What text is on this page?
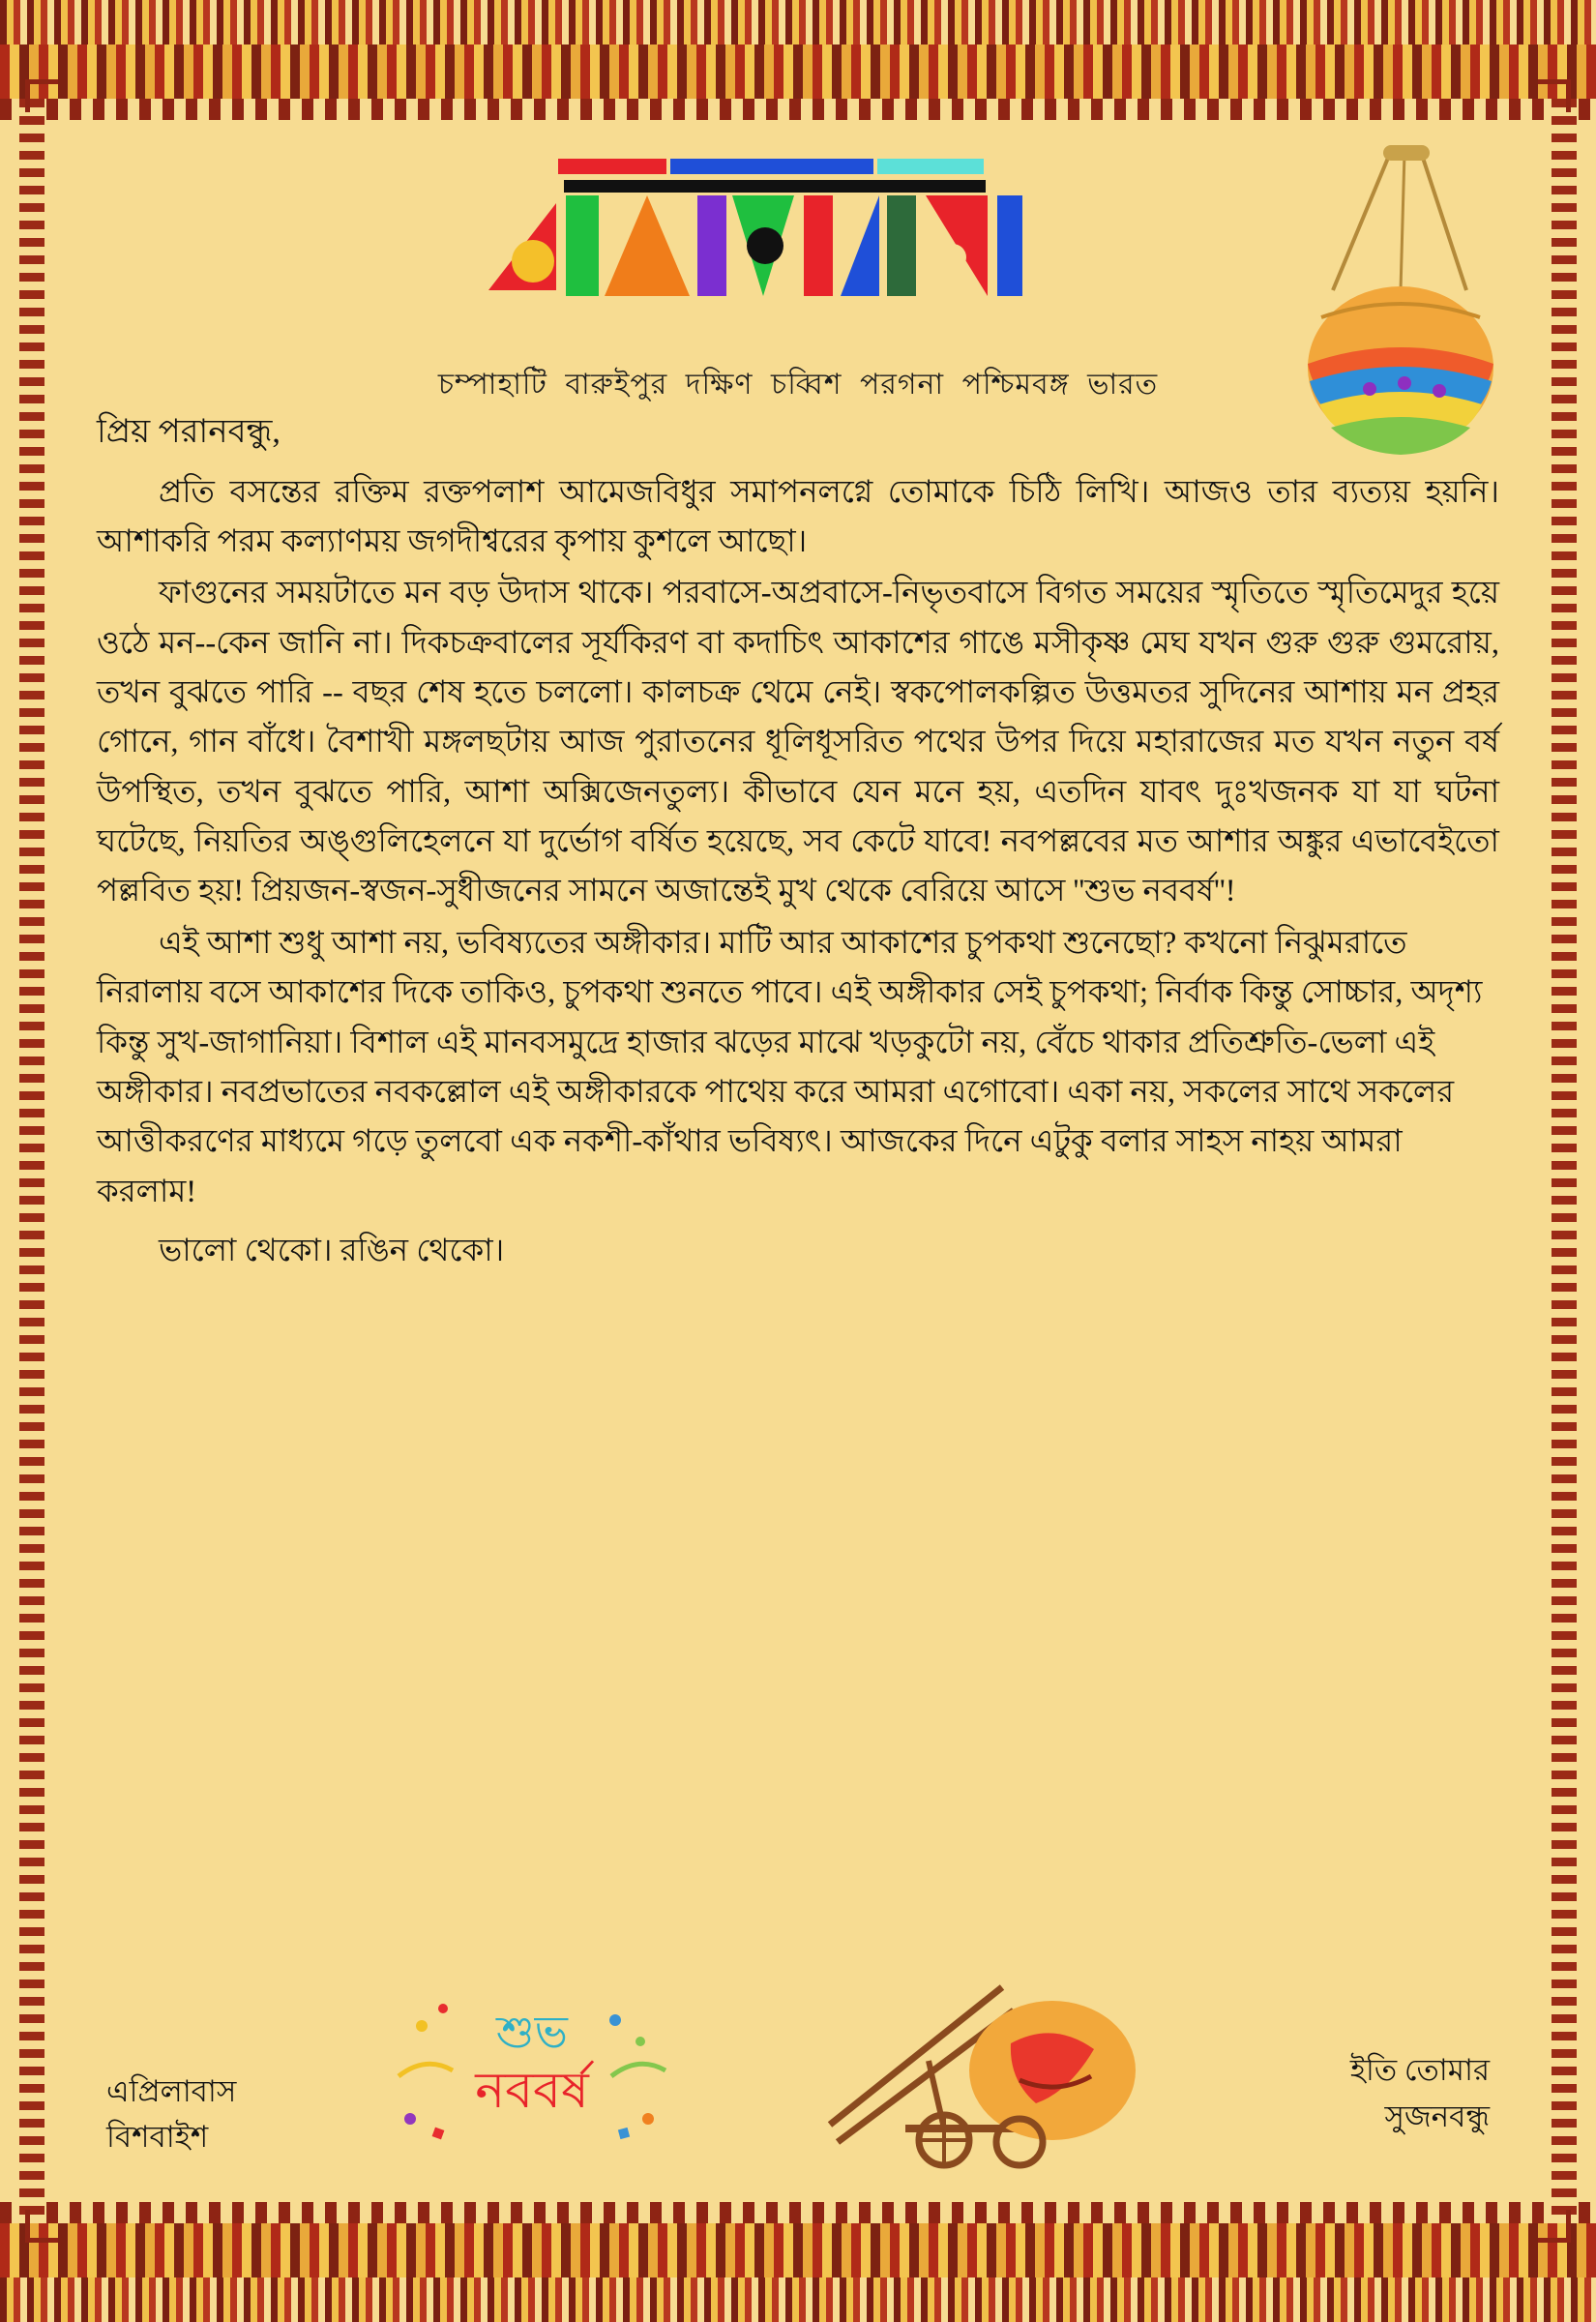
চম্পাহাটি বারুইপুর দক্ষিণ চব্বিশ পরগনা পশ্চিমবঙ্গ ভারত

প্রিয় পরানবন্ধু,

প্রতি বসন্তের রক্তিম রক্তপলাশ আমেজবিধুর সমাপনলগ্নে তোমাকে চিঠি লিখি। আজও তার ব্যত্যয় হয়নি। আশাকরি পরম কল্যাণময় জগদীশ্বরের কৃপায় কুশলে আছো।

ফাগুনের সময়টাতে মন বড় উদাস থাকে। পরবাসে-অপ্রবাসে-নিভৃতবাসে বিগত সময়ের স্মৃতিতে স্মৃতিমেদুর হয়ে ওঠে মন--কেন জানি না। দিকচক্রবালের সূর্যকিরণ বা কদাচিৎ আকাশের গাঙে মসীকৃষ্ণ মেঘ যখন গুরু গুরু গুমরোয়, তখন বুঝতে পারি -- বছর শেষ হতে চললো। কালচক্র থেমে নেই। স্বকপোলকল্পিত উত্তমতর সুদিনের আশায় মন প্রহর গোনে, গান বাঁধে। বৈশাখী মঙ্গলছটায় আজ পুরাতনের ধূলিধূসরিত পথের উপর দিয়ে মহারাজের মত যখন নতুন বর্ষ উপস্থিত, তখন বুঝতে পারি, আশা অক্সিজেনতুল্য। কীভাবে যেন মনে হয়, এতদিন যাবৎ দুঃখজনক যা যা ঘটনা ঘটেছে, নিয়তির অঙ্গুলিহেলনে যা দুর্ভোগ বর্ষিত হয়েছে, সব কেটে যাবে! নবপল্লবের মত আশার অঙ্কুর এভাবেইতো পল্লবিত হয়! প্রিয়জন-স্বজন-সুধীজনের সামনে অজান্তেই মুখ থেকে বেরিয়ে আসে ''শুভ নববর্ষ''!

এই আশা শুধু আশা নয়, ভবিষ্যতের অঙ্গীকার। মাটি আর আকাশের চুপকথা শুনেছো? কখনো নিঝুমরাতে নিরালায় বসে আকাশের দিকে তাকিও, চুপকথা শুনতে পাবে। এই অঙ্গীকার সেই চুপকথা; নির্বাক কিন্তু সোচ্চার, অদৃশ্য কিন্তু সুখ-জাগানিয়া। বিশাল এই মানবসমুদ্রে হাজার ঝড়ের মাঝে খড়কুটো নয়, বেঁচে থাকার প্রতিশ্রুতি-ভেলা এই অঙ্গীকার। নবপ্রভাতের নবকল্লোল এই অঙ্গীকারকে পাথেয় করে আমরা এগোবো। একা নয়, সকলের সাথে সকলের আত্তীকরণের মাধ্যমে গড়ে তুলবো এক নকশী-কাঁথার ভবিষ্যৎ। আজকের দিনে এটুকু বলার সাহস নাহয় আমরা করলাম!

ভালো থেকো। রঙিন থেকো।

এপ্রিলাবাস
বিশবাইশ
শুভ
নববর্ষ	ইতি তোমার
সুজনবন্ধু
